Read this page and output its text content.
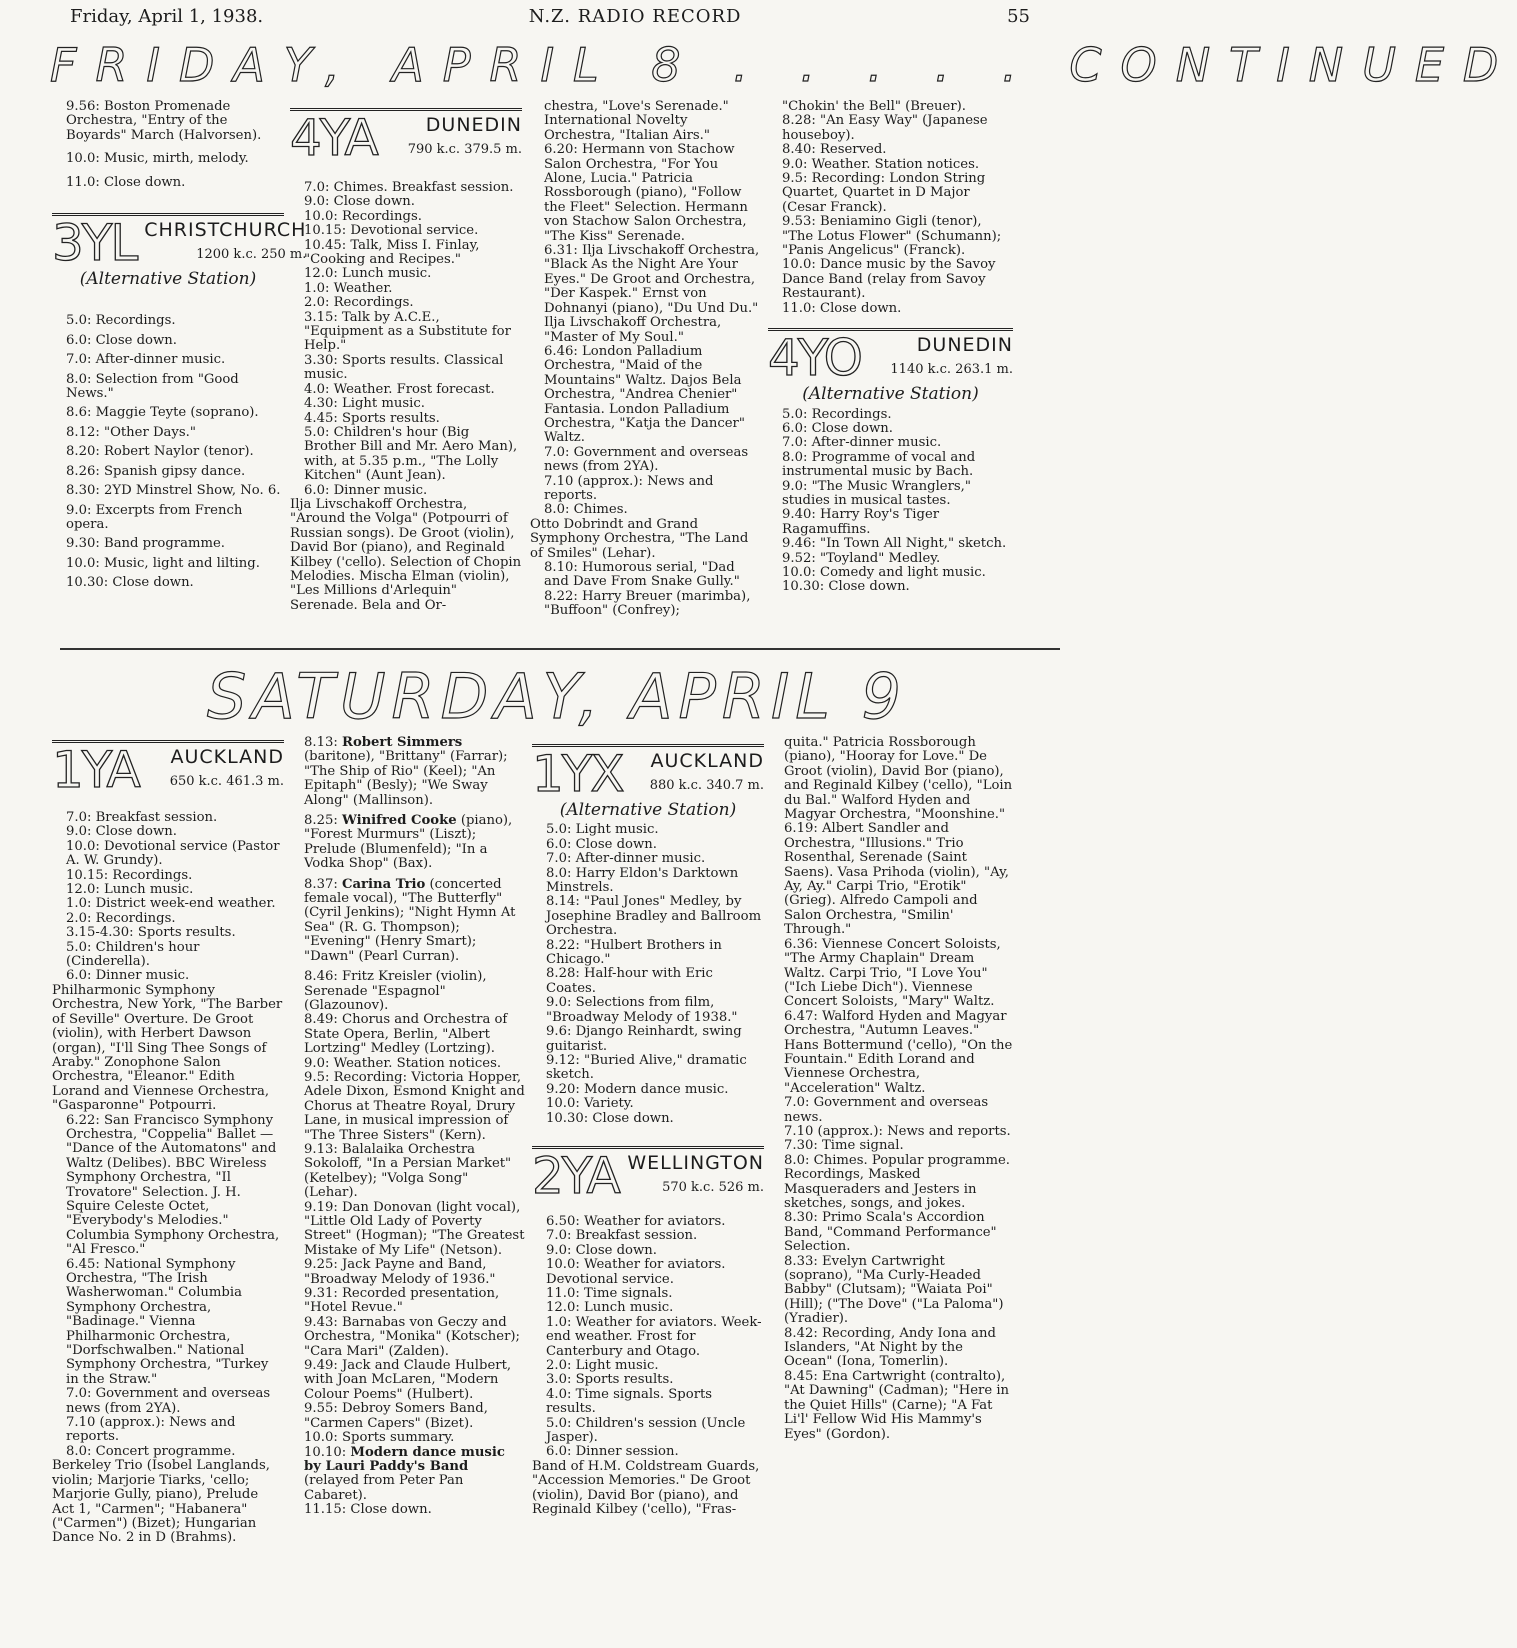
Friday, April 1, 1938.	N.Z. RADIO RECORD	55
FRIDAY, APRIL 8 . . . . . CONTINUED

9.56: Boston Promenade Orchestra, "Entry of the Boyards" March (Halvorsen).

10.0: Music, mirth, melody.

11.0: Close down.

3YL CHRISTCHURCH
1200 k.c. 250 m.
(Alternative Station)

5.0: Recordings.

6.0: Close down.

7.0: After-dinner music.

8.0: Selection from "Good News."

8.6: Maggie Teyte (soprano).

8.12: "Other Days."

8.20: Robert Naylor (tenor).

8.26: Spanish gipsy dance.

8.30: 2YD Minstrel Show, No. 6.

9.0: Excerpts from French opera.

9.30: Band programme.

10.0: Music, light and lilting.

10.30: Close down.

4YA	DUNEDIN
790 k.c. 379.5 m.

7.0: Chimes. Breakfast session.

9.0: Close down.

10.0: Recordings.

10.15: Devotional service.

10.45: Talk, Miss I. Finlay, "Cooking and Recipes."

12.0: Lunch music.

1.0: Weather.

2.0: Recordings.

3.15: Talk by A.C.E., "Equipment as a Substitute for Help."

3.30: Sports results. Classical music.

4.0: Weather. Frost forecast.

4.30: Light music.

4.45: Sports results.

5.0: Children's hour (Big Brother Bill and Mr. Aero Man), with, at 5.35 p.m., "The Lolly Kitchen" (Aunt Jean).

6.0: Dinner music.

Ilja Livschakoff Orchestra, "Around the Volga" (Potpourri of Russian songs). De Groot (violin), David Bor (piano), and Reginald Kilbey ('cello). Selection of Chopin Melodies. Mischa Elman (violin), "Les Millions d'Arlequin" Serenade. Bela and Or-

chestra, "Love's Serenade." International Novelty Orchestra, "Italian Airs."

6.20: Hermann von Stachow Salon Orchestra, "For You Alone, Lucia." Patricia Rossborough (piano), "Follow the Fleet" Selection. Hermann von Stachow Salon Orchestra, "The Kiss" Serenade.

6.31: Ilja Livschakoff Orchestra, "Black As the Night Are Your Eyes." De Groot and Orchestra, "Der Kaspek." Ernst von Dohnanyi (piano), "Du Und Du." Ilja Livschakoff Orchestra, "Master of My Soul."

6.46: London Palladium Orchestra, "Maid of the Mountains" Waltz. Dajos Bela Orchestra, "Andrea Chenier" Fantasia. London Palladium Orchestra, "Katja the Dancer" Waltz.

7.0: Government and overseas news (from 2YA).

7.10 (approx.): News and reports.

8.0: Chimes.

Otto Dobrindt and Grand Symphony Orchestra, "The Land of Smiles" (Lehar).

8.10: Humorous serial, "Dad and Dave From Snake Gully."

8.22: Harry Breuer (marimba), "Buffoon" (Confrey);

"Chokin' the Bell" (Breuer).

8.28: "An Easy Way" (Japanese houseboy).

8.40: Reserved.

9.0: Weather. Station notices.

9.5: Recording: London String Quartet, Quartet in D Major (Cesar Franck).

9.53: Beniamino Gigli (tenor), "The Lotus Flower" (Schumann); "Panis Angelicus" (Franck).

10.0: Dance music by the Savoy Dance Band (relay from Savoy Restaurant).

11.0: Close down.

4YO	DUNEDIN
1140 k.c. 263.1 m.
(Alternative Station)

5.0: Recordings.

6.0: Close down.

7.0: After-dinner music.

8.0: Programme of vocal and instrumental music by Bach.

9.0: "The Music Wranglers," studies in musical tastes.

9.40: Harry Roy's Tiger Ragamuffins.

9.46: "In Town All Night," sketch.

9.52: "Toyland" Medley.

10.0: Comedy and light music.

10.30: Close down.

SATURDAY, APRIL 9
1YA	AUCKLAND
650 k.c. 461.3 m.

7.0: Breakfast session.

9.0: Close down.

10.0: Devotional service (Pastor A. W. Grundy).

10.15: Recordings.

12.0: Lunch music.

1.0: District week-end weather.

2.0: Recordings.

3.15-4.30: Sports results.

5.0: Children's hour (Cinderella).

6.0: Dinner music.

Philharmonic Symphony Orchestra, New York, "The Barber of Seville" Overture. De Groot (violin), with Herbert Dawson (organ), "I'll Sing Thee Songs of Araby." Zonophone Salon Orchestra, "Eleanor." Edith Lorand and Viennese Orchestra, "Gasparonne" Potpourri.

6.22: San Francisco Symphony Orchestra, "Coppelia" Ballet — "Dance of the Automatons" and Waltz (Delibes). BBC Wireless Symphony Orchestra, "Il Trovatore" Selection. J. H. Squire Celeste Octet, "Everybody's Melodies." Columbia Symphony Orchestra, "Al Fresco."

6.45: National Symphony Orchestra, "The Irish Washerwoman." Columbia Symphony Orchestra, "Badinage." Vienna Philharmonic Orchestra, "Dorfschwalben." National Symphony Orchestra, "Turkey in the Straw."

7.0: Government and overseas news (from 2YA).

7.10 (approx.): News and reports.

8.0: Concert programme.

Berkeley Trio (Isobel Langlands, violin; Marjorie Tiarks, 'cello; Marjorie Gully, piano), Prelude Act 1, "Carmen"; "Habanera" ("Carmen") (Bizet); Hungarian Dance No. 2 in D (Brahms).

8.13: Robert Simmers (baritone), "Brittany" (Farrar); "The Ship of Rio" (Keel); "An Epitaph" (Besly); "We Sway Along" (Mallinson).

8.25: Winifred Cooke (piano), "Forest Murmurs" (Liszt); Prelude (Blumenfeld); "In a Vodka Shop" (Bax).

8.37: Carina Trio (concerted female vocal), "The Butterfly" (Cyril Jenkins); "Night Hymn At Sea" (R. G. Thompson); "Evening" (Henry Smart); "Dawn" (Pearl Curran).

8.46: Fritz Kreisler (violin), Serenade "Espagnol" (Glazounov).

8.49: Chorus and Orchestra of State Opera, Berlin, "Albert Lortzing" Medley (Lortzing).

9.0: Weather. Station notices.

9.5: Recording: Victoria Hopper, Adele Dixon, Esmond Knight and Chorus at Theatre Royal, Drury Lane, in musical impression of "The Three Sisters" (Kern).

9.13: Balalaika Orchestra Sokoloff, "In a Persian Market" (Ketelbey); "Volga Song" (Lehar).

9.19: Dan Donovan (light vocal), "Little Old Lady of Poverty Street" (Hogman); "The Greatest Mistake of My Life" (Netson).

9.25: Jack Payne and Band, "Broadway Melody of 1936."

9.31: Recorded presentation, "Hotel Revue."

9.43: Barnabas von Geczy and Orchestra, "Monika" (Kotscher); "Cara Mari" (Zalden).

9.49: Jack and Claude Hulbert, with Joan McLaren, "Modern Colour Poems" (Hulbert).

9.55: Debroy Somers Band, "Carmen Capers" (Bizet).

10.0: Sports summary.

10.10: Modern dance music by Lauri Paddy's Band (relayed from Peter Pan Cabaret).

11.15: Close down.

1YX	AUCKLAND
880 k.c. 340.7 m.
(Alternative Station)

5.0: Light music.

6.0: Close down.

7.0: After-dinner music.

8.0: Harry Eldon's Darktown Minstrels.

8.14: "Paul Jones" Medley, by Josephine Bradley and Ballroom Orchestra.

8.22: "Hulbert Brothers in Chicago."

8.28: Half-hour with Eric Coates.

9.0: Selections from film, "Broadway Melody of 1938."

9.6: Django Reinhardt, swing guitarist.

9.12: "Buried Alive," dramatic sketch.

9.20: Modern dance music.

10.0: Variety.

10.30: Close down.

2YA WELLINGTON
570 k.c. 526 m.

6.50: Weather for aviators.

7.0: Breakfast session.

9.0: Close down.

10.0: Weather for aviators. Devotional service.

11.0: Time signals.

12.0: Lunch music.

1.0: Weather for aviators. Week-end weather. Frost for Canterbury and Otago.

2.0: Light music.

3.0: Sports results.

4.0: Time signals. Sports results.

5.0: Children's session (Uncle Jasper).

6.0: Dinner session.

Band of H.M. Coldstream Guards, "Accession Memories." De Groot (violin), David Bor (piano), and Reginald Kilbey ('cello), "Fras-

quita." Patricia Rossborough (piano), "Hooray for Love." De Groot (violin), David Bor (piano), and Reginald Kilbey ('cello), "Loin du Bal." Walford Hyden and Magyar Orchestra, "Moonshine."

6.19: Albert Sandler and Orchestra, "Illusions." Trio Rosenthal, Serenade (Saint Saens). Vasa Prihoda (violin), "Ay, Ay, Ay." Carpi Trio, "Erotik" (Grieg). Alfredo Campoli and Salon Orchestra, "Smilin' Through."

6.36: Viennese Concert Soloists, "The Army Chaplain" Dream Waltz. Carpi Trio, "I Love You" ("Ich Liebe Dich"). Viennese Concert Soloists, "Mary" Waltz.

6.47: Walford Hyden and Magyar Orchestra, "Autumn Leaves." Hans Bottermund ('cello), "On the Fountain." Edith Lorand and Viennese Orchestra, "Acceleration" Waltz.

7.0: Government and overseas news.

7.10 (approx.): News and reports.

7.30: Time signal.

8.0: Chimes. Popular programme. Recordings, Masked Masqueraders and Jesters in sketches, songs, and jokes.

8.30: Primo Scala's Accordion Band, "Command Performance" Selection.

8.33: Evelyn Cartwright (soprano), "Ma Curly-Headed Babby" (Clutsam); "Waiata Poi" (Hill); ("The Dove" ("La Paloma") (Yradier).

8.42: Recording, Andy Iona and Islanders, "At Night by the Ocean" (Iona, Tomerlin).

8.45: Ena Cartwright (contralto), "At Dawning" (Cadman); "Here in the Quiet Hills" (Carne); "A Fat Li'l' Fellow Wid His Mammy's Eyes" (Gordon).
